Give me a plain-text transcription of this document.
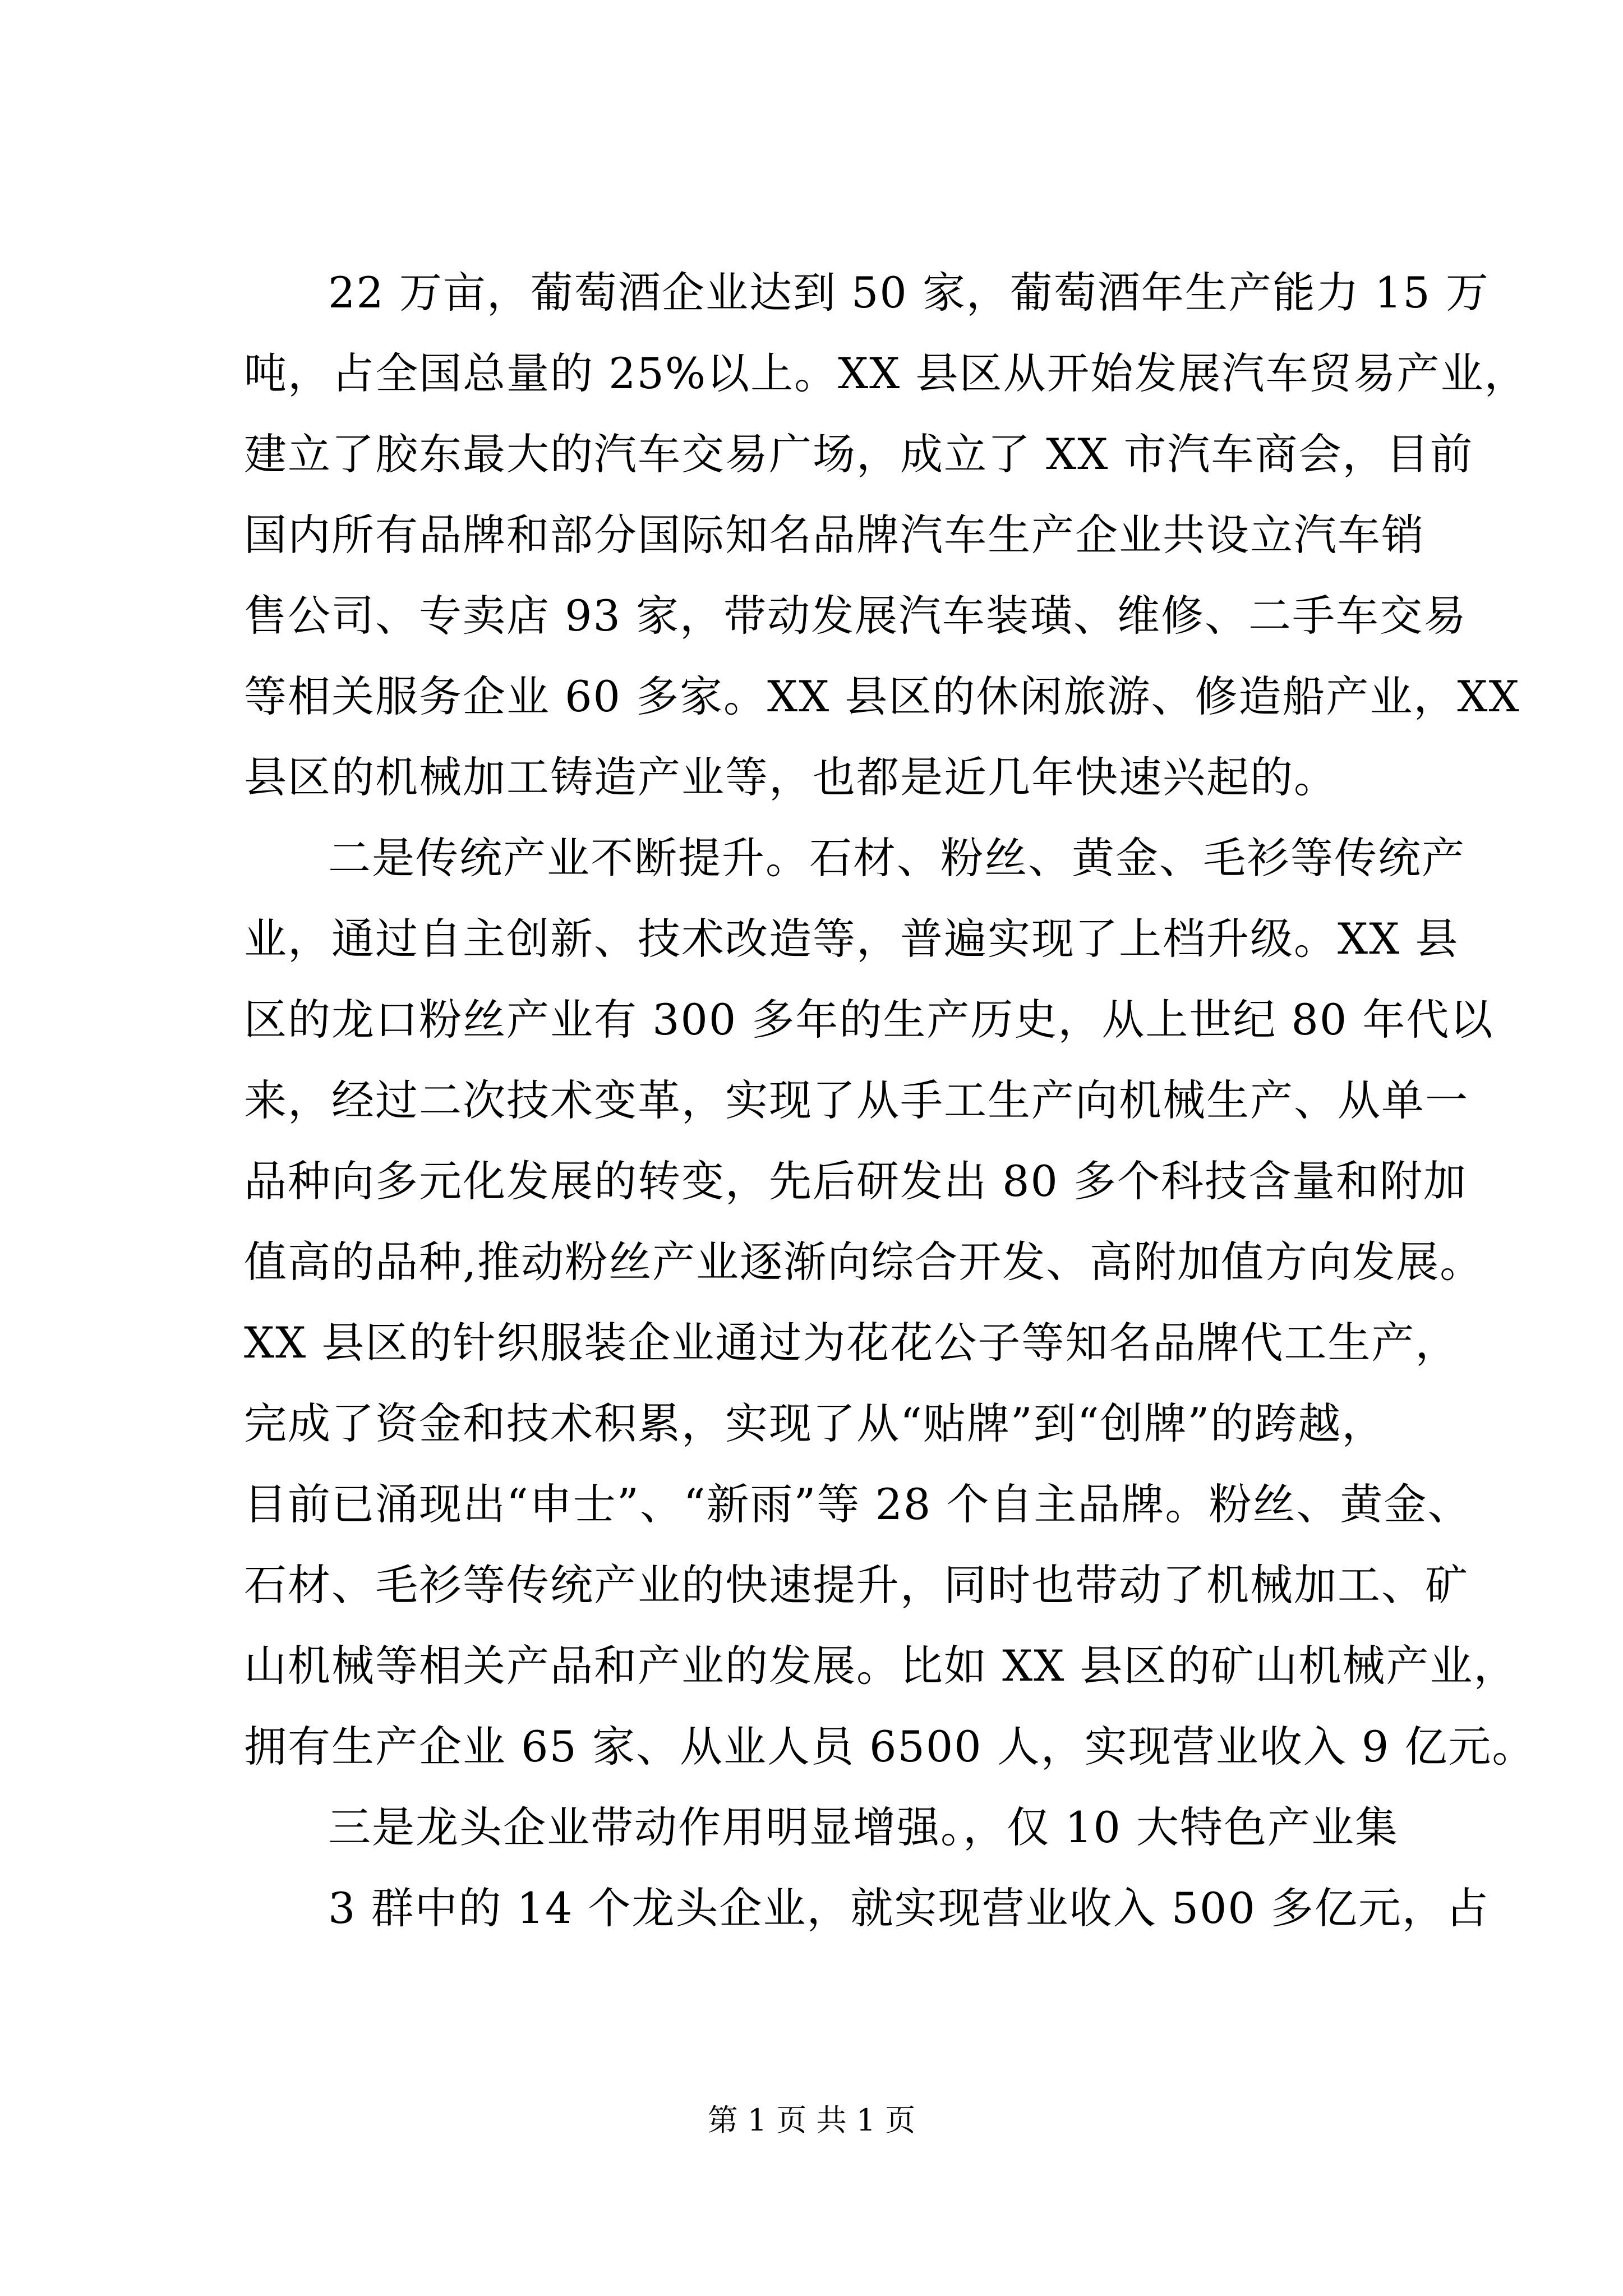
22 万亩，葡萄酒企业达到 50 家，葡萄酒年生产能力 15 万
吨，占全国总量的 25%以上。XX 县区从开始发展汽车贸易产业，
建立了胶东最大的汽车交易广场，成立了 XX 市汽车商会，目前
国内所有品牌和部分国际知名品牌汽车生产企业共设立汽车销
售公司、专卖店 93 家，带动发展汽车装璜、维修、二手车交易
等相关服务企业 60 多家。XX 县区的休闲旅游、修造船产业，XX
县区的机械加工铸造产业等，也都是近几年快速兴起的。
二是传统产业不断提升。石材、粉丝、黄金、毛衫等传统产
业，通过自主创新、技术改造等，普遍实现了上档升级。XX 县
区的龙口粉丝产业有 300 多年的生产历史，从上世纪 80 年代以
来，经过二次技术变革，实现了从手工生产向机械生产、从单一
品种向多元化发展的转变，先后研发出 80 多个科技含量和附加
值高的品种,推动粉丝产业逐渐向综合开发、高附加值方向发展。
XX 县区的针织服装企业通过为花花公子等知名品牌代工生产，
完成了资金和技术积累，实现了从“贴牌”到“创牌”的跨越，
目前已涌现出“申士”、“新雨”等 28 个自主品牌。粉丝、黄金、
石材、毛衫等传统产业的快速提升，同时也带动了机械加工、矿
山机械等相关产品和产业的发展。比如 XX 县区的矿山机械产业，
拥有生产企业 65 家、从业人员 6500 人，实现营业收入 9 亿元。
三是龙头企业带动作用明显增强。，仅 10 大特色产业集
3 群中的 14 个龙头企业，就实现营业收入 500 多亿元，占
第 1 页 共 1 页
